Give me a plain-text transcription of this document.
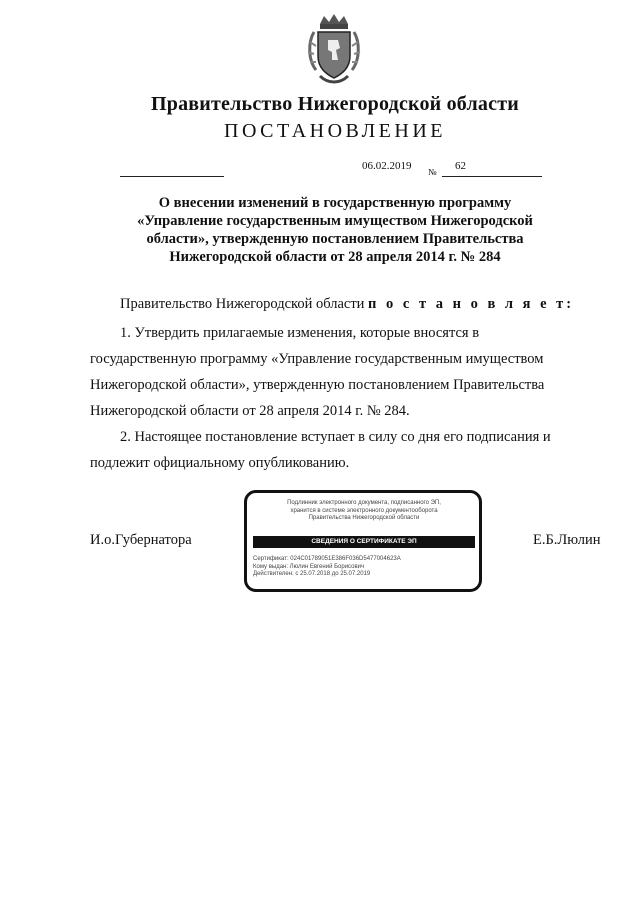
Правительство Нижегородской области
ПОСТАНОВЛЕНИЕ
06.02.2019 № 62
О внесении изменений в государственную программу
«Управление государственным имуществом Нижегородской
области», утвержденную постановлением Правительства
Нижегородской области от 28 апреля 2014 г. № 284
Правительство Нижегородской области п о с т а н о в л я е т:
1. Утвердить прилагаемые изменения, которые вносятся в
государственную программу «Управление государственным имуществом
Нижегородской области», утвержденную постановлением Правительства
Нижегородской области от 28 апреля 2014 г. № 284.
2. Настоящее постановление вступает в силу со дня его подписания и
подлежит официальному опубликованию.
И.о.Губернатора
Подлинник электронного документа, подписанного ЭП,
хранится в системе электронного документооборота
Правительства Нижегородской области
СВЕДЕНИЯ О СЕРТИФИКАТЕ ЭП
Сертификат: 024C01789051E386F036D5477004623A
Кому выдан: Люлин Евгений Борисович
Действителен: с 25.07.2018 до 25.07.2019
Е.Б.Люлин
